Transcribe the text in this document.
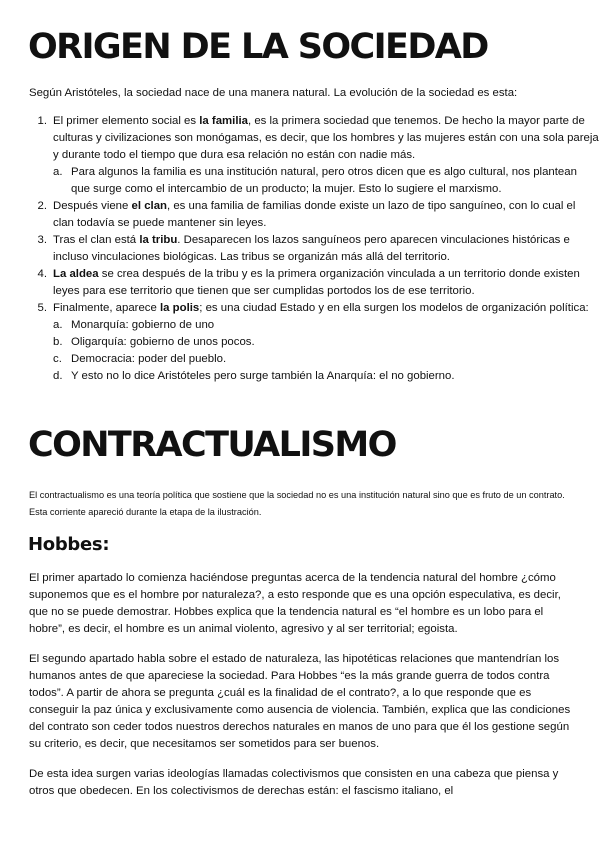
ORIGEN DE LA SOCIEDAD

Según Aristóteles, la sociedad nace de una manera natural. La evolución de la sociedad es esta:

El primer elemento social es la familia, es la primera sociedad que tenemos. De hecho la mayor parte de culturas y civilizaciones son monógamas, es decir, que los hombres y las mujeres están con una sola pareja y durante todo el tiempo que dura esa relación no están con nadie más.
Para algunos la familia es una institución natural, pero otros dicen que es algo cultural, nos plantean que surge como el intercambio de un producto; la mujer. Esto lo sugiere el marxismo.
Después viene el clan, es una familia de familias donde existe un lazo de tipo sanguíneo, con lo cual el clan todavía se puede mantener sin leyes.
Tras el clan está la tribu. Desaparecen los lazos sanguíneos pero aparecen vinculaciones históricas e incluso vinculaciones biológicas. Las tribus se organizán más allá del territorio.
La aldea se crea después de la tribu y es la primera organización vinculada a un territorio donde existen leyes para ese territorio que tienen que ser cumplidas portodos los de ese territorio.
Finalmente, aparece la polis; es una ciudad Estado y en ella surgen los modelos de organización política:
Monarquía: gobierno de uno
Oligarquía: gobierno de unos pocos.
Democracia: poder del pueblo.
Y esto no lo dice Aristóteles pero surge también la Anarquía: el no gobierno.
CONTRACTUALISMO

El contractualismo es una teoría política que sostiene que la sociedad no es una institución natural sino que es fruto de un contrato. Esta corriente apareció durante la etapa de la ilustración.

Hobbes:

El primer apartado lo comienza haciéndose preguntas acerca de la tendencia natural del hombre ¿cómo suponemos que es el hombre por naturaleza?, a esto responde que es una opción especulativa, es decir, que no se puede demostrar. Hobbes explica que la tendencia natural es “el hombre es un lobo para el hobre”, es decir, el hombre es un animal violento, agresivo y al ser territorial; egoista.

El segundo apartado habla sobre el estado de naturaleza, las hipotéticas relaciones que mantendrían los humanos antes de que apareciese la sociedad. Para Hobbes “es la más grande guerra de todos contra todos”. A partir de ahora se pregunta ¿cuál es la finalidad de el contrato?, a lo que responde que es conseguir la paz única y exclusivamente como ausencia de violencia. También, explica que las condiciones del contrato son ceder todos nuestros derechos naturales en manos de uno para que él los gestione según su criterio, es decir, que necesitamos ser sometidos para ser buenos.

De esta idea surgen varias ideologías llamadas colectivismos que consisten en una cabeza que piensa y otros que obedecen. En los colectivismos de derechas están: el fascismo italiano, el
